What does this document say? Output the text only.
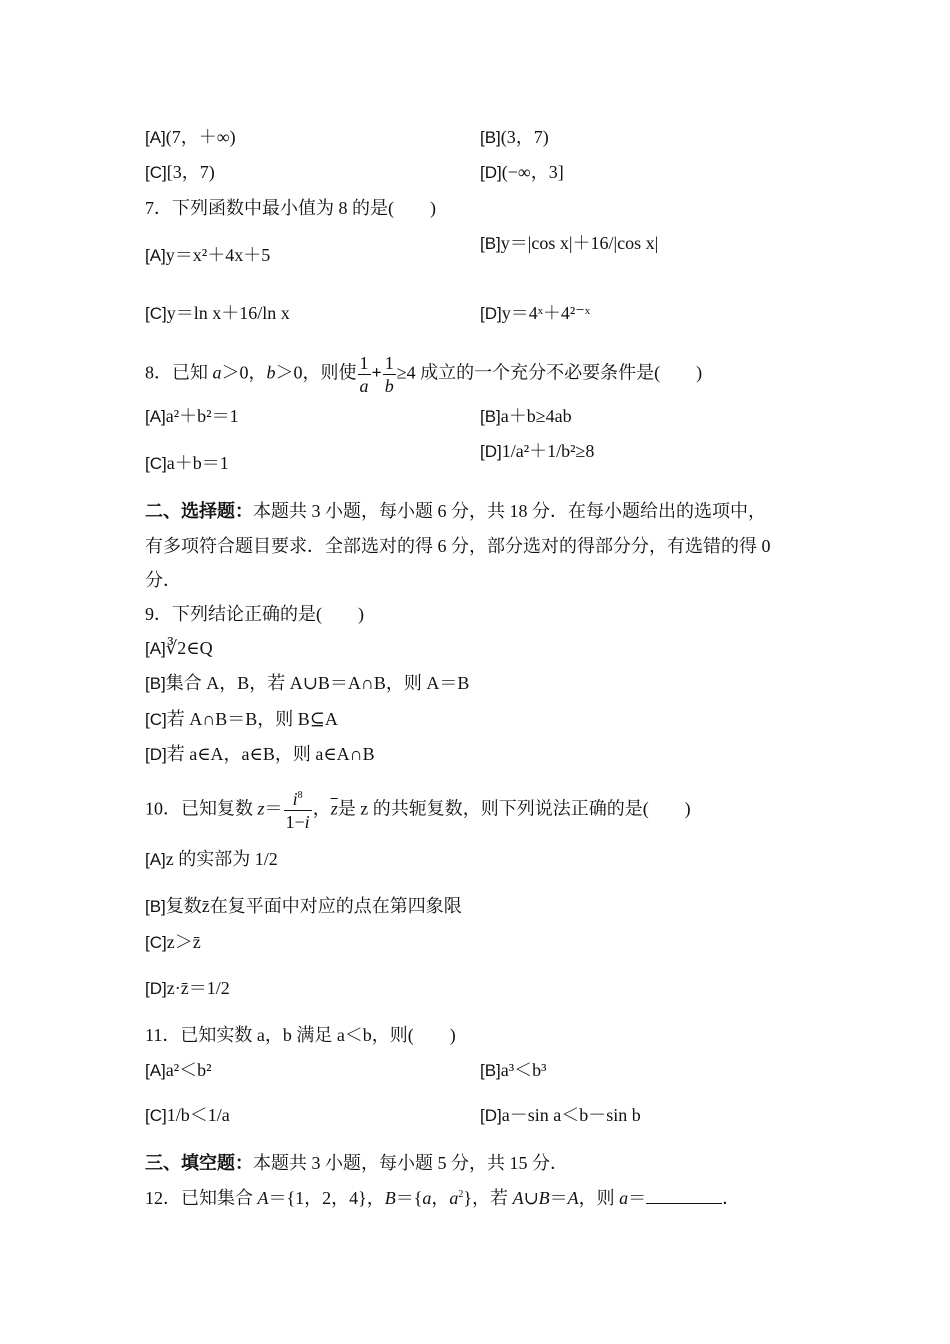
[A](7，＋∞)	[B](3，7)
[C][3，7)	[D](−∞，3]
7．下列函数中最小值为 8 的是(　　)
[A]y＝x²＋4x＋5
[B]y＝|cos x|＋16/|cos x|
[C]y＝ln x＋16/ln x	[D]y＝4ˣ＋4²⁻ˣ
8．已知 a＞0，b＞0，则使 $\frac{1}{a} + \frac{1}{b} \ge 4$ 成立的一个充分不必要条件是(　　)
[A]a²＋b²＝1	[B]a＋b≥4ab
[C]a＋b＝1
[D]1/a²＋1/b²≥8
二、选择题：本题共 3 小题，每小题 6 分，共 18 分．在每小题给出的选项中，
有多项符合题目要求．全部选对的得 6 分，部分选对的得部分分，有选错的得 0
分．
9．下列结论正确的是(　　)
[A]∛2∈Q
[B]集合 A，B，若 A∪B＝A∩B，则 A＝B
[C]若 A∩B＝B，则 B⊆A
[D]若 a∈A，a∈B，则 a∈A∩B
10．已知复数 $z= \frac{i^8}{1-i}$ ，$\overline{z}$是 z 的共轭复数，则下列说法正确的是(　　)
[A]z 的实部为 1/2
[B]复数z̄在复平面中对应的点在第四象限
[C]z＞z̄
[D]z·z̄＝1/2
11．已知实数 a，b 满足 a＜b，则(　　)
[A]a²＜b²	[B]a³＜b³
[C]1/b＜1/a	[D]a－sin a＜b－sin b
三、填空题：本题共 3 小题，每小题 5 分，共 15 分．
12．已知集合 A＝{1，2，4}，B＝{a，$a^2$}，若 A∪B＝A，则 a＝	．
